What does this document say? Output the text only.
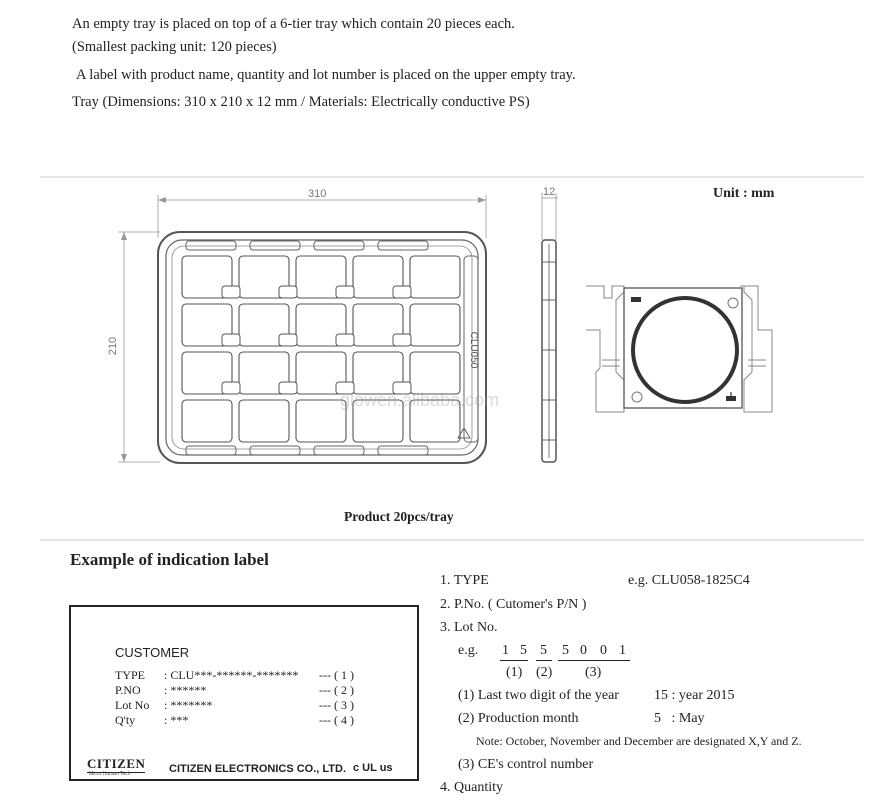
An empty tray is placed on top of a 6-tier tray which contain 20 pieces each.
(Smallest packing unit: 120 pieces)
A label with product name, quantity and lot number is placed on the upper empty tray.
Tray (Dimensions: 310 x 210 x 12 mm / Materials: Electrically conductive PS)
CLU050
310
210
12	Unit : mm
glowen.alibaba.com
Product 20pcs/tray
Example of indication label
CUSTOMER
TYPE : CLU***-******-******* --- ( 1 )
P.NO : ******	--- ( 2 )
Lot No : *******	--- ( 3 )
Q'ty : ***	--- ( 4 )
CITIZEN
Micro Human Tech	CITIZEN ELECTRONICS CO., LTD. c UL us
1. TYPE	e.g. CLU058-1825C4
2. P.No. ( Cutomer's P/N )
3. Lot No.
e.g. 1 5 5 5 0 0 1
(1) (2) (3)
(1) Last two digit of the year	15 : year 2015
(2) Production month	5   : May
Note: October, November and December are designated X,Y and Z.
(3) CE's control number
4. Quantity
